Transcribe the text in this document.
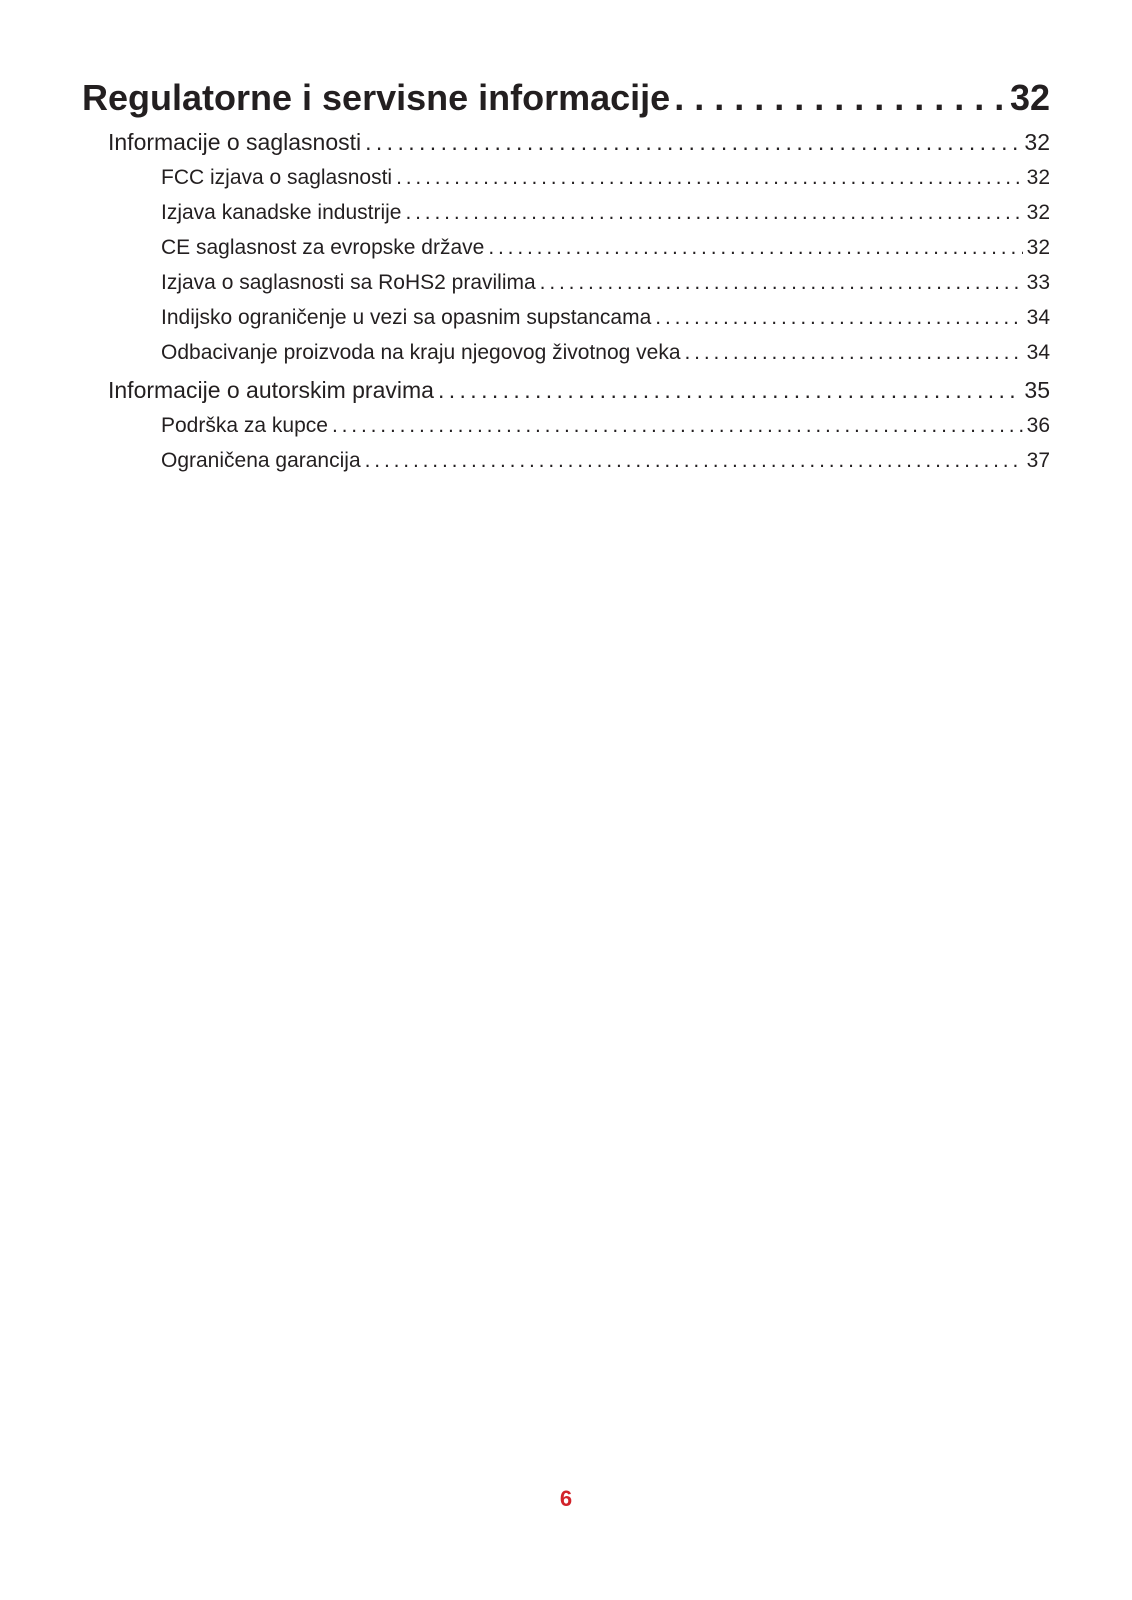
Regulatorne i servisne informacije . . .	32
Informacije o saglasnosti . . .	32
FCC izjava o saglasnosti . . .	32
Izjava kanadske industrije . . .	32
CE saglasnost za evropske države . . .	32
Izjava o saglasnosti sa RoHS2 pravilima . . .	33
Indijsko ograničenje u vezi sa opasnim supstancama . . .	34
Odbacivanje proizvoda na kraju njegovog životnog veka . . .	34
Informacije o autorskim pravima . . .	35
Podrška za kupce . . .	36
Ograničena garancija . . .	37
6
